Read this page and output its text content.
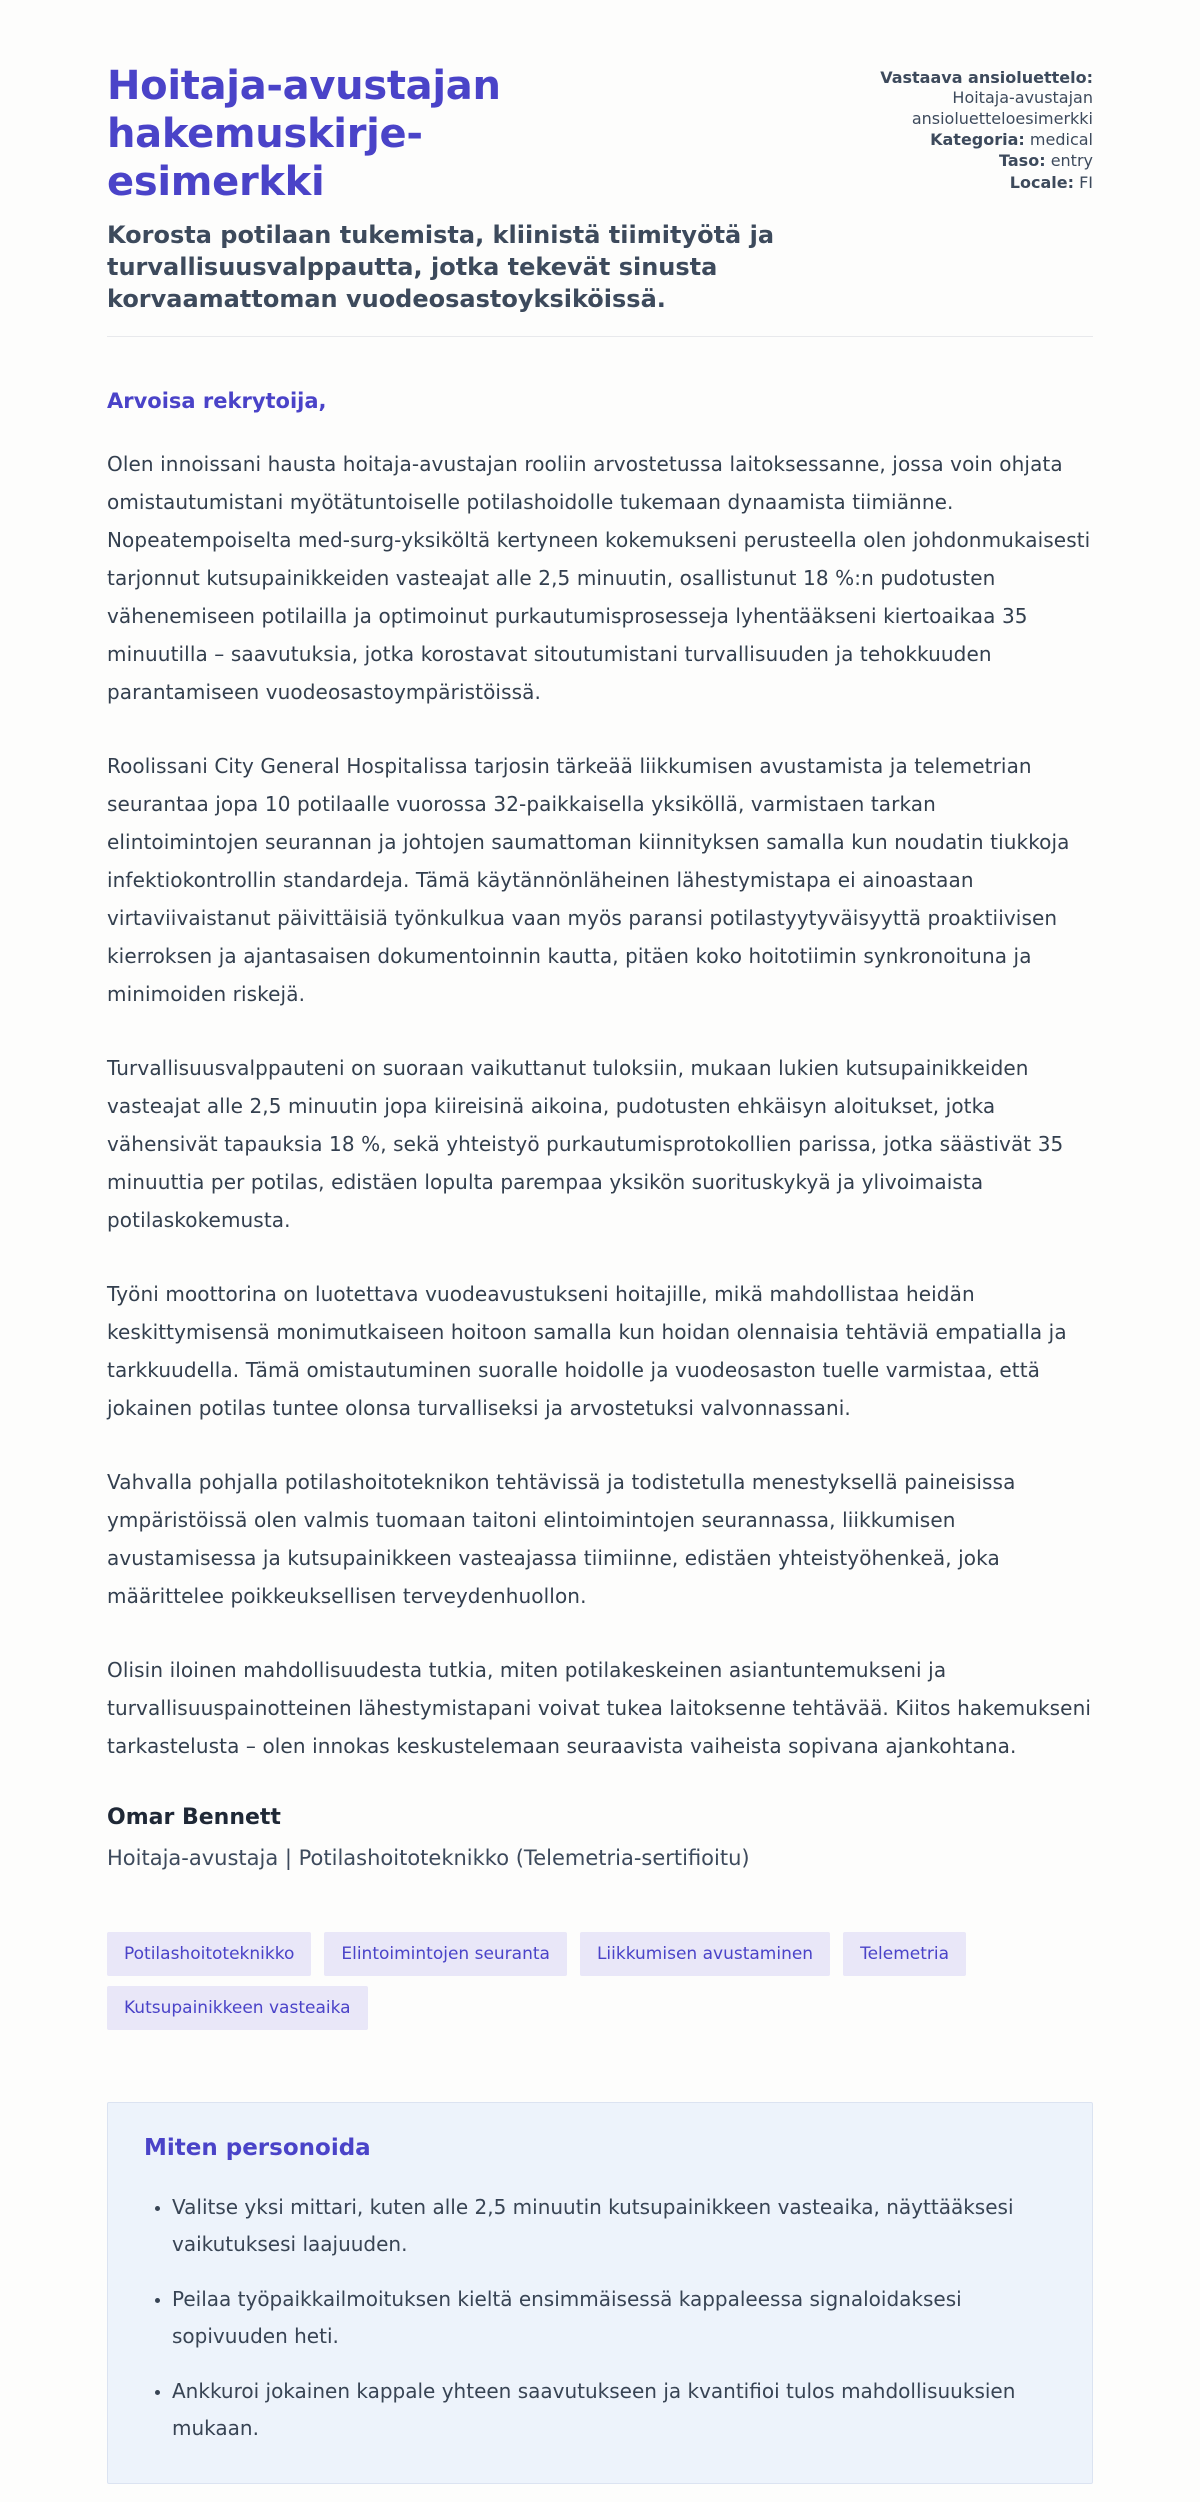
Hoitaja-avustajan hakemuskirje-
esimerkki

Korosta potilaan tukemista, kliinistä tiimityötä ja turvallisuusvalppautta, jotka tekevät sinusta korvaamattoman vuodeosastoyksiköissä.

Vastaava ansioluettelo: Hoitaja-avustajan ansioluetteloesimerkki
Kategoria: medical
Taso: entry
Locale: FI

Arvoisa rekrytoija,

Olen innoissani hausta hoitaja-avustajan rooliin arvostetussa laitoksessanne, jossa voin ohjata omistautumistani myötätuntoiselle potilashoidolle tukemaan dynaamista tiimiänne. Nopeatempoiselta med-surg-yksiköltä kertyneen kokemukseni perusteella olen johdonmukaisesti tarjonnut kutsupainikkeiden vasteajat alle 2,5 minuutin, osallistunut 18 %:n pudotusten vähenemiseen potilailla ja optimoinut purkautumisprosesseja lyhentääkseni kiertoaikaa 35 minuutilla – saavutuksia, jotka korostavat sitoutumistani turvallisuuden ja tehokkuuden parantamiseen vuodeosastoympäristöissä.

Roolissani City General Hospitalissa tarjosin tärkeää liikkumisen avustamista ja telemetrian seurantaa jopa 10 potilaalle vuorossa 32-paikkaisella yksiköllä, varmistaen tarkan elintoimintojen seurannan ja johtojen saumattoman kiinnityksen samalla kun noudatin tiukkoja infektiokontrollin standardeja. Tämä käytännönläheinen lähestymistapa ei ainoastaan virtaviivaistanut päivittäisiä työnkulkua vaan myös paransi potilastyytyväisyyttä proaktiivisen kierroksen ja ajantasaisen dokumentoinnin kautta, pitäen koko hoitotiimin synkronoituna ja minimoiden riskejä.

Turvallisuusvalppauteni on suoraan vaikuttanut tuloksiin, mukaan lukien kutsupainikkeiden vasteajat alle 2,5 minuutin jopa kiireisinä aikoina, pudotusten ehkäisyn aloitukset, jotka vähensivät tapauksia 18 %, sekä yhteistyö purkautumisprotokollien parissa, jotka säästivät 35 minuuttia per potilas, edistäen lopulta parempaa yksikön suorituskykyä ja ylivoimaista potilaskokemusta.

Työni moottorina on luotettava vuodeavustukseni hoitajille, mikä mahdollistaa heidän keskittymisensä monimutkaiseen hoitoon samalla kun hoidan olennaisia tehtäviä empatialla ja tarkkuudella. Tämä omistautuminen suoralle hoidolle ja vuodeosaston tuelle varmistaa, että jokainen potilas tuntee olonsa turvalliseksi ja arvostetuksi valvonnassani.

Vahvalla pohjalla potilashoitoteknikon tehtävissä ja todistetulla menestyksellä paineisissa ympäristöissä olen valmis tuomaan taitoni elintoimintojen seurannassa, liikkumisen avustamisessa ja kutsupainikkeen vasteajassa tiimiinne, edistäen yhteistyöhenkeä, joka määrittelee poikkeuksellisen terveydenhuollon.

Olisin iloinen mahdollisuudesta tutkia, miten potilakeskeinen asiantuntemukseni ja turvallisuuspainotteinen lähestymistapani voivat tukea laitoksenne tehtävää. Kiitos hakemukseni tarkastelusta – olen innokas keskustelemaan seuraavista vaiheista sopivana ajankohtana.

Omar Bennett

Hoitaja-avustaja | Potilashoitoteknikko (Telemetria-sertifioitu)

Potilashoitoteknikko	Elintoimintojen seuranta	Liikkumisen avustaminen	Telemetria
Kutsupainikkeen vasteaika
Miten personoida
• Valitse yksi mittari, kuten alle 2,5 minuutin kutsupainikkeen vasteaika, näyttääksesi vaikutuksesi laajuuden.
• Peilaa työpaikkailmoituksen kieltä ensimmäisessä kappaleessa signaloidaksesi sopivuuden heti.
• Ankkuroi jokainen kappale yhteen saavutukseen ja kvantifioi tulos mahdollisuuksien mukaan.
